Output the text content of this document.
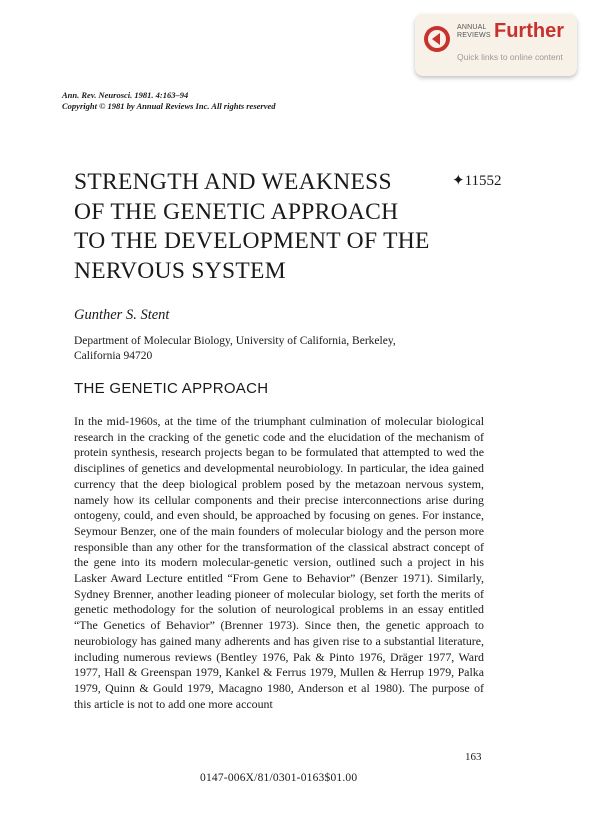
ANNUAL
REVIEWS Further
Quick links to online content
Ann. Rev. Neurosci. 1981. 4:163–94
Copyright © 1981 by Annual Reviews Inc. All rights reserved
STRENGTH AND WEAKNESS
OF THE GENETIC APPROACH
TO THE DEVELOPMENT OF THE
NERVOUS SYSTEM
✦11552
Gunther S. Stent
Department of Molecular Biology, University of California, Berkeley,
California 94720
THE GENETIC APPROACH

In the mid-1960s, at the time of the triumphant culmination of molecular biological research in the cracking of the genetic code and the elucidation of the mechanism of protein synthesis, research projects began to be formulated that attempted to wed the disciplines of genetics and developmental neurobiology. In particular, the idea gained currency that the deep biological problem posed by the metazoan nervous system, namely how its cellular components and their precise interconnections arise during ontogeny, could, and even should, be approached by focusing on genes. For instance, Seymour Benzer, one of the main founders of molecular biology and the person more responsible than any other for the transformation of the classical abstract concept of the gene into its modern molecular-genetic version, outlined such a project in his Lasker Award Lecture entitled “From Gene to Behavior” (Benzer 1971). Similarly, Sydney Brenner, another leading pioneer of molecular biology, set forth the merits of genetic methodology for the solution of neurological problems in an essay entitled “The Genetics of Behavior” (Brenner 1973). Since then, the genetic approach to neurobiology has gained many adherents and has given rise to a substantial literature, including numerous reviews (Bentley 1976, Pak & Pinto 1976, Dräger 1977, Ward 1977, Hall & Greenspan 1979, Kankel & Ferrus 1979, Mullen & Herrup 1979, Palka 1979, Quinn & Gould 1979, Macagno 1980, Anderson et al 1980). The purpose of this article is not to add one more account

163
0147-006X/81/0301-0163$01.00
